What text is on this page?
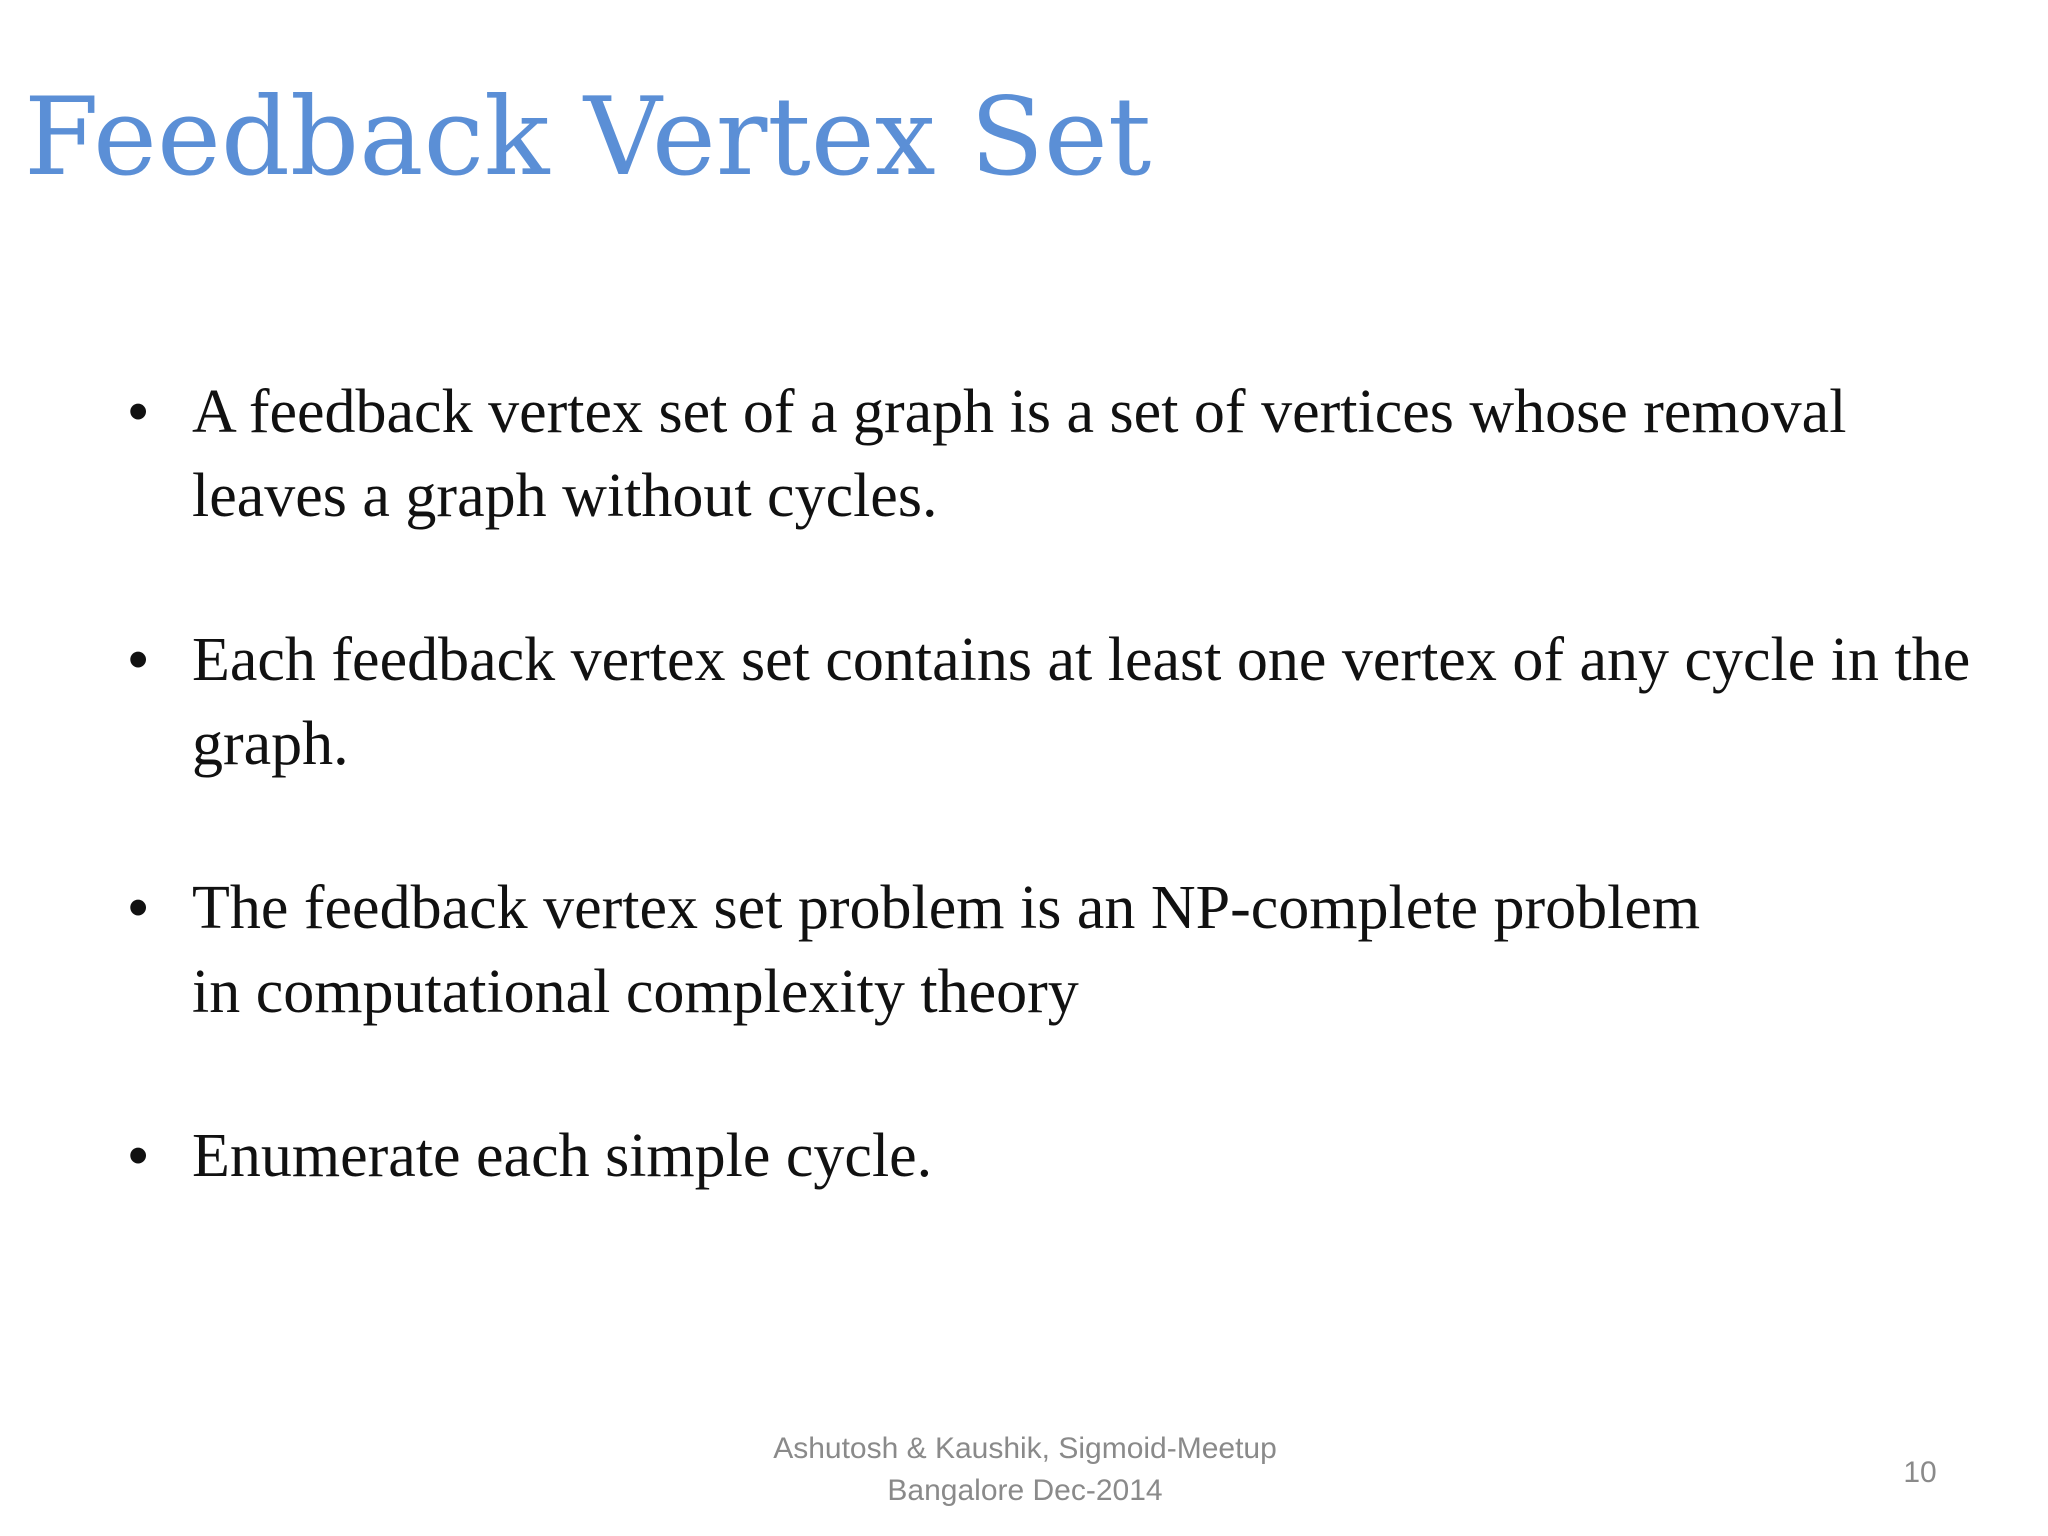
Feedback Vertex Set
• A feedback vertex set of a graph is a set of vertices whose removal
leaves a graph without cycles.
• Each feedback vertex set contains at least one vertex of any cycle in the
graph.
• The feedback vertex set problem is an NP-complete problem
in computational complexity theory
• Enumerate each simple cycle.
Ashutosh & Kaushik, Sigmoid-Meetup
Bangalore Dec-2014
10
